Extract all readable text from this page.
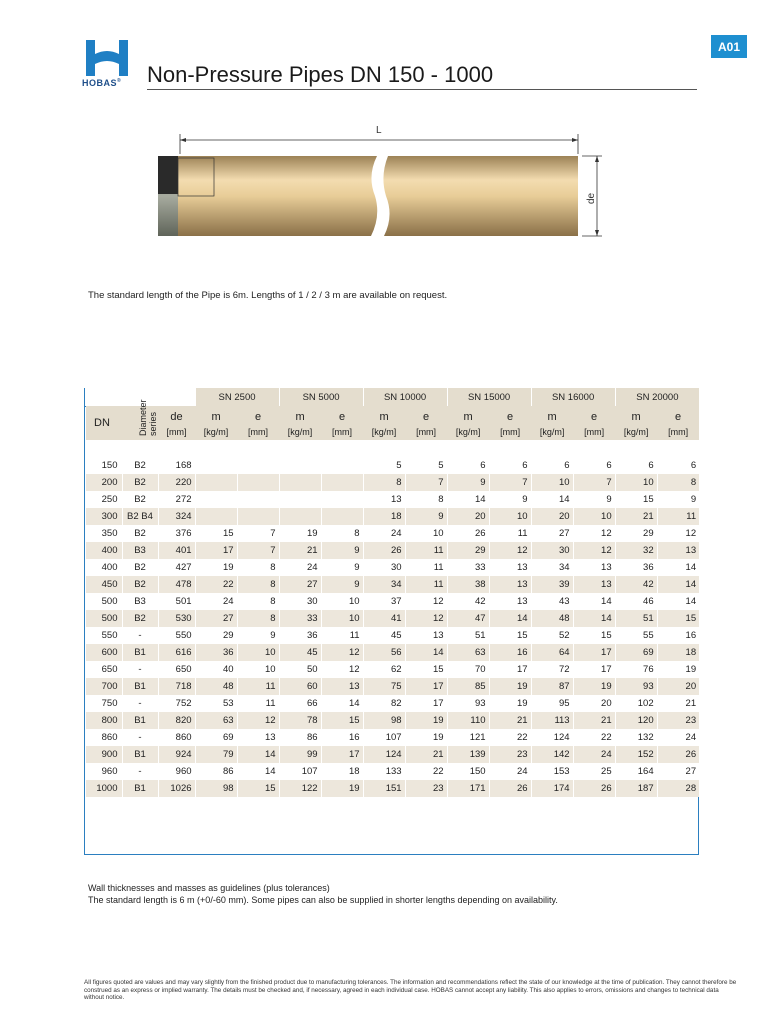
A01
HOBAS® Non-Pressure Pipes DN 150 - 1000
L
de
The standard length of the Pipe is 6m. Lengths of 1 / 2 / 3 m are available on request.
			SN 2500		SN 5000		SN 10000		SN 15000		SN 16000		SN 20000	
DN	Diameter series	de	m	e	m	e	m	e	m	e	m	e	m	e
		[mm]	[kg/m]	[mm]	[kg/m]	[mm]	[kg/m]	[mm]	[kg/m]	[mm]	[kg/m]	[mm]	[kg/m]	[mm]

150	B2	168					5	5	6	6	6	6	6	6
200	B2	220					8	7	9	7	10	7	10	8
250	B2	272					13	8	14	9	14	9	15	9
300	B2 B4	324					18	9	20	10	20	10	21	11
350	B2	376	15	7	19	8	24	10	26	11	27	12	29	12
400	B3	401	17	7	21	9	26	11	29	12	30	12	32	13
400	B2	427	19	8	24	9	30	11	33	13	34	13	36	14
450	B2	478	22	8	27	9	34	11	38	13	39	13	42	14
500	B3	501	24	8	30	10	37	12	42	13	43	14	46	14
500	B2	530	27	8	33	10	41	12	47	14	48	14	51	15
550	-	550	29	9	36	11	45	13	51	15	52	15	55	16
600	B1	616	36	10	45	12	56	14	63	16	64	17	69	18
650	-	650	40	10	50	12	62	15	70	17	72	17	76	19
700	B1	718	48	11	60	13	75	17	85	19	87	19	93	20
750	-	752	53	11	66	14	82	17	93	19	95	20	102	21
800	B1	820	63	12	78	15	98	19	110	21	113	21	120	23
860	-	860	69	13	86	16	107	19	121	22	124	22	132	24
900	B1	924	79	14	99	17	124	21	139	23	142	24	152	26
960	-	960	86	14	107	18	133	22	150	24	153	25	164	27
1000	B1	1026	98	15	122	19	151	23	171	26	174	26	187	28
Wall thicknesses and masses as guidelines (plus tolerances)
The standard length is 6 m (+0/-60 mm). Some pipes can also be supplied in shorter lengths depending on availability.
All figures quoted are values and may vary slightly from the finished product due to manufacturing tolerances. The information and recommendations reflect the state of our knowledge at the time of publication. They cannot therefore be construed as an express or implied warranty. The details must be checked and, if necessary, agreed in each individual case. HOBAS cannot accept any liability. This also applies to errors, omissions and changes to technical data without notice.
